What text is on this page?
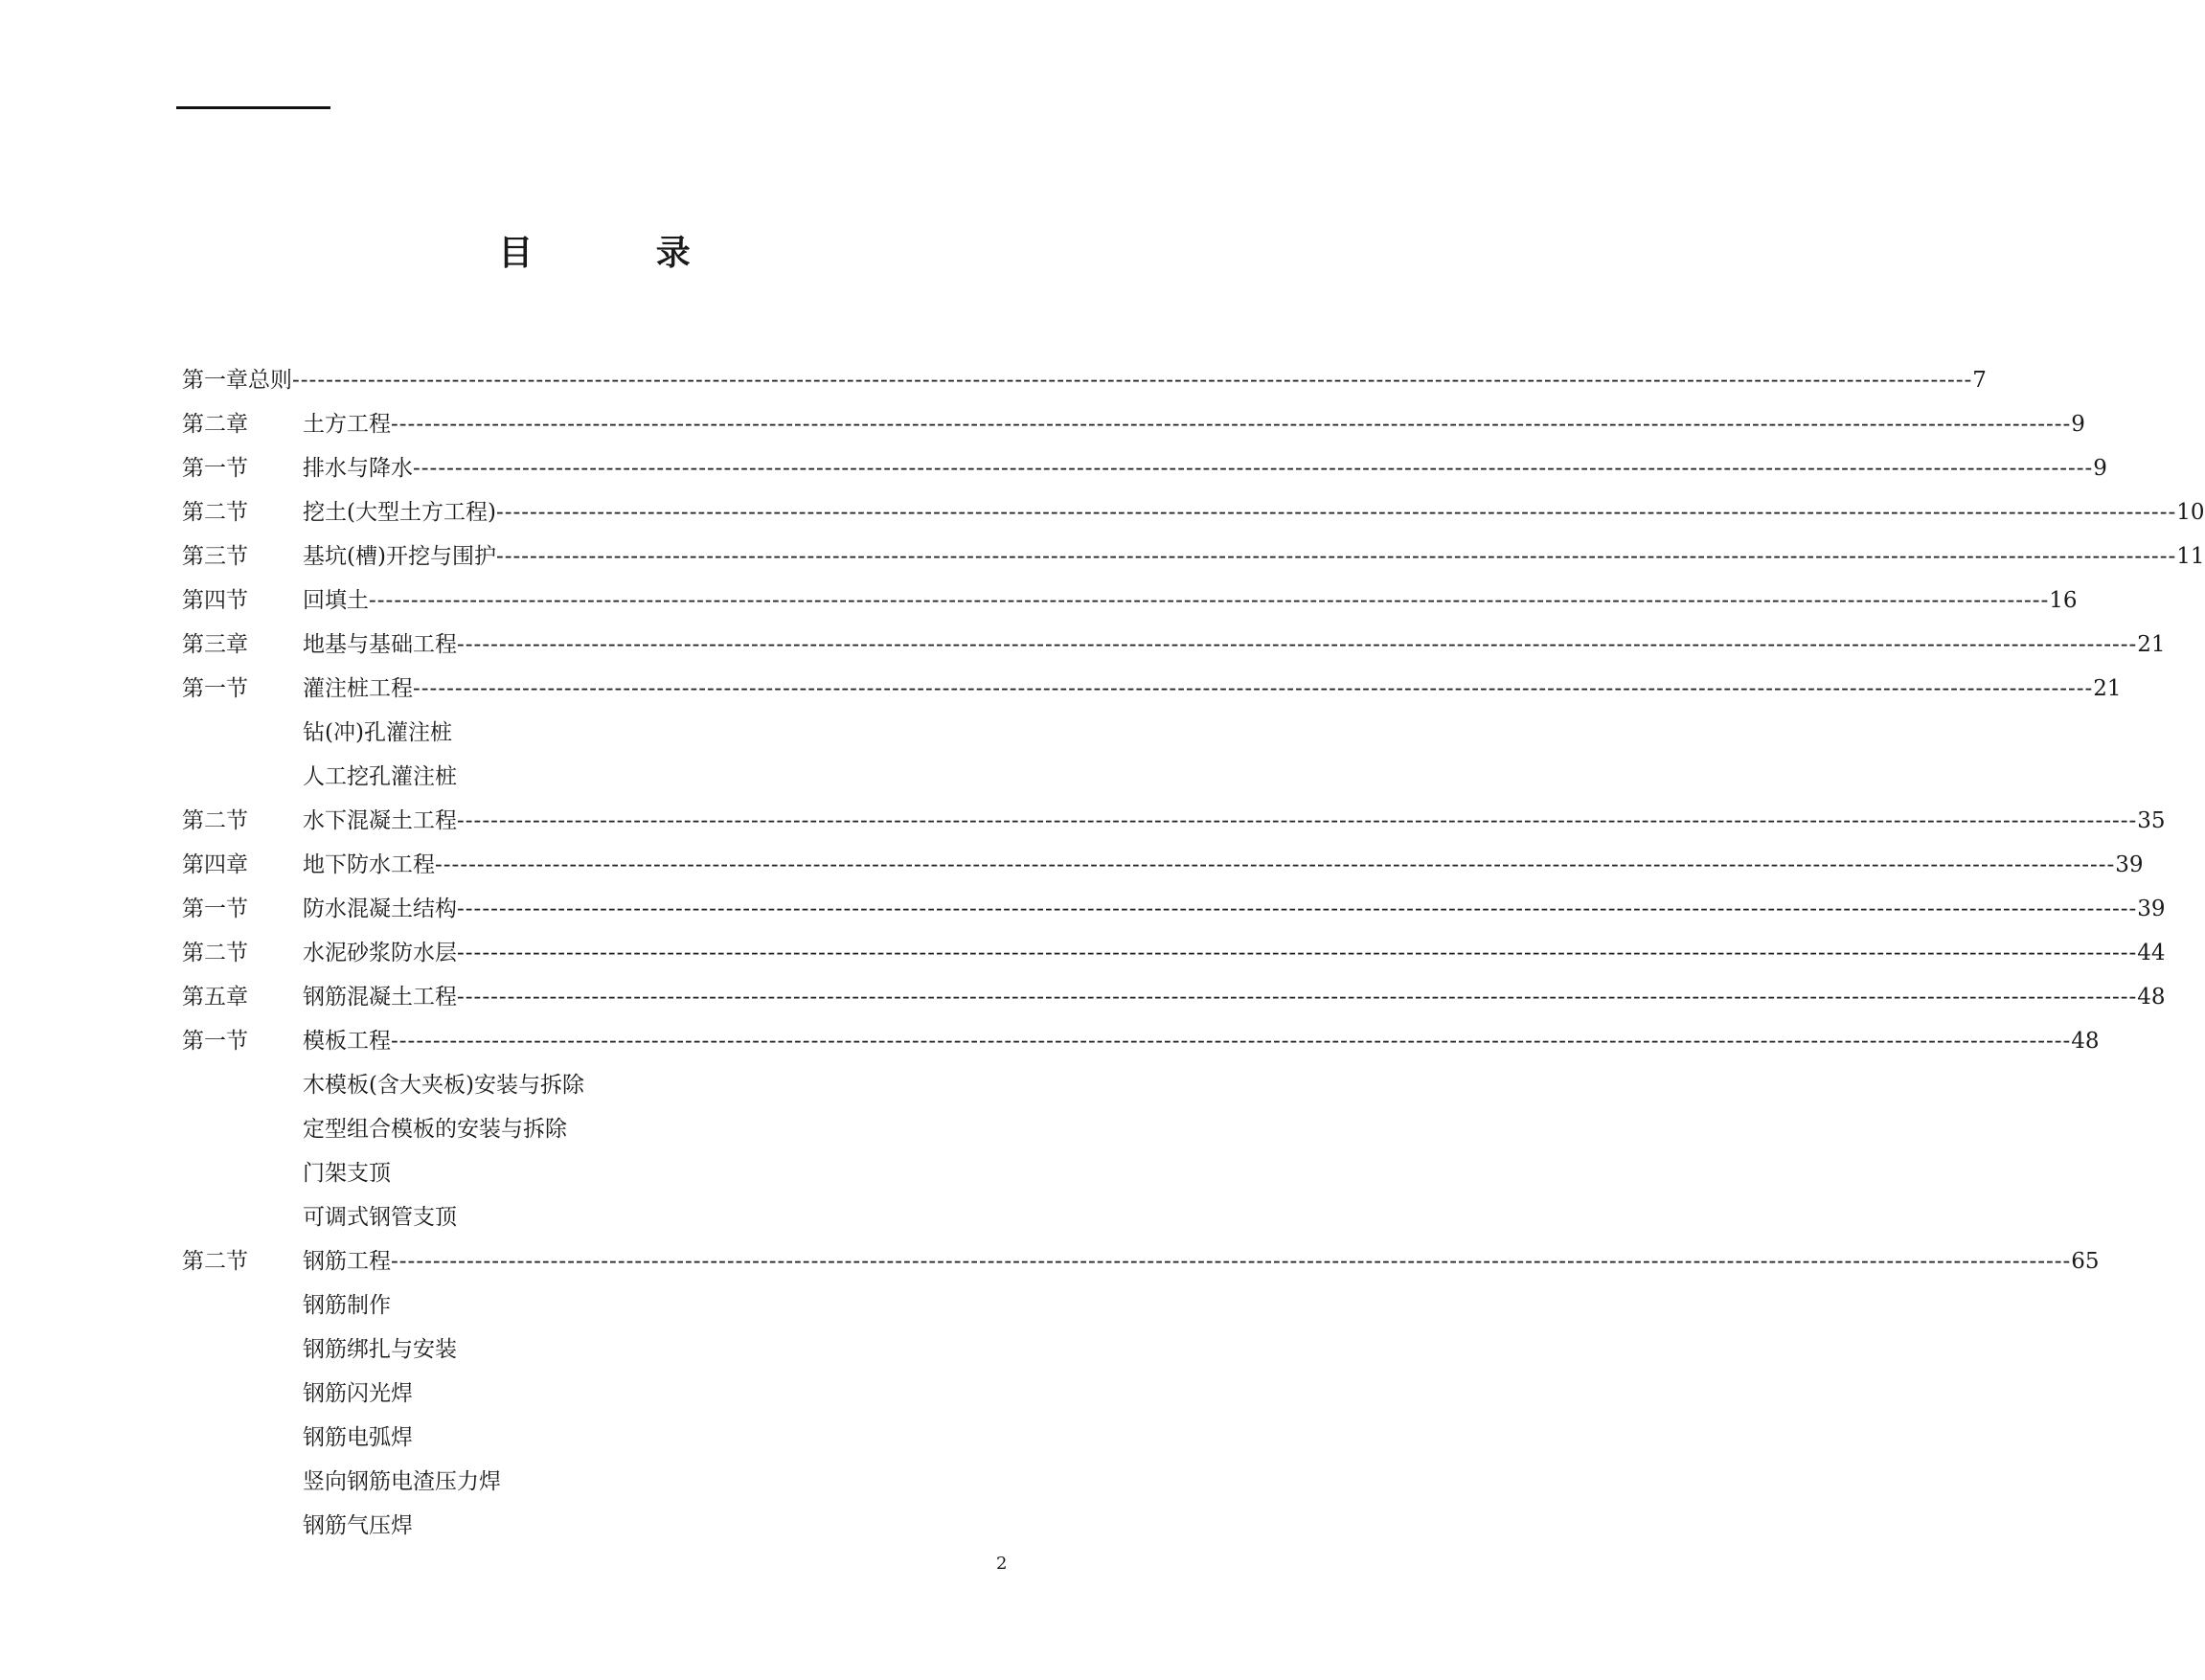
目 录
第一章总则 -------------------------------------------------------------------------------------------------------------------------------------------------------------------------------------------------------- 7
第二章 土方工程 -------------------------------------------------------------------------------------------------------------------------------------------------------------------------------------------------------- 9
第一节 排水与降水 -------------------------------------------------------------------------------------------------------------------------------------------------------------------------------------------------------- 9
第二节 挖土(大型土方工程) -------------------------------------------------------------------------------------------------------------------------------------------------------------------------------------------------------- 10
第三节 基坑(槽)开挖与围护 -------------------------------------------------------------------------------------------------------------------------------------------------------------------------------------------------------- 11
第四节 回填土 -------------------------------------------------------------------------------------------------------------------------------------------------------------------------------------------------------- 16
第三章 地基与基础工程 -------------------------------------------------------------------------------------------------------------------------------------------------------------------------------------------------------- 21
第一节 灌注桩工程 -------------------------------------------------------------------------------------------------------------------------------------------------------------------------------------------------------- 21
钻(冲)孔灌注桩
人工挖孔灌注桩
第二节 水下混凝土工程 -------------------------------------------------------------------------------------------------------------------------------------------------------------------------------------------------------- 35
第四章 地下防水工程 -------------------------------------------------------------------------------------------------------------------------------------------------------------------------------------------------------- 39
第一节 防水混凝土结构 -------------------------------------------------------------------------------------------------------------------------------------------------------------------------------------------------------- 39
第二节 水泥砂浆防水层 -------------------------------------------------------------------------------------------------------------------------------------------------------------------------------------------------------- 44
第五章 钢筋混凝土工程 -------------------------------------------------------------------------------------------------------------------------------------------------------------------------------------------------------- 48
第一节 模板工程 -------------------------------------------------------------------------------------------------------------------------------------------------------------------------------------------------------- 48
木模板(含大夹板)安装与拆除
定型组合模板的安装与拆除
门架支顶
可调式钢管支顶
第二节 钢筋工程 -------------------------------------------------------------------------------------------------------------------------------------------------------------------------------------------------------- 65
钢筋制作
钢筋绑扎与安装
钢筋闪光焊
钢筋电弧焊
竖向钢筋电渣压力焊
钢筋气压焊
2
